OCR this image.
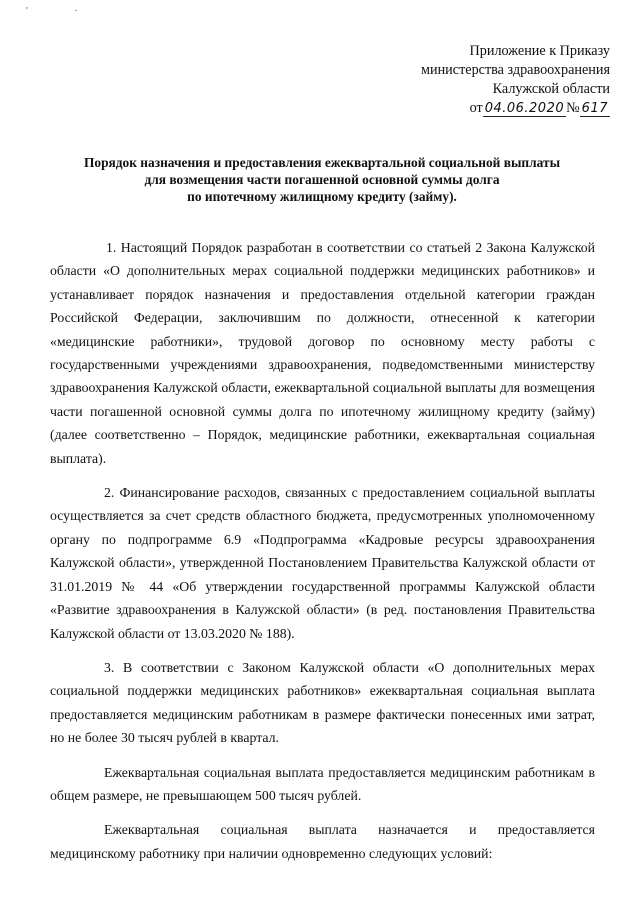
' ·
Приложение к Приказу
министерства здравоохранения
Калужской области
от 04.06.2020 № 617
Порядок назначения и предоставления ежеквартальной социальной выплаты
для возмещения части погашенной основной суммы долга
по ипотечному жилищному кредиту (займу).

1. Настоящий Порядок разработан в соответствии со статьей 2 Закона Калужской области «О дополнительных мерах социальной поддержки медицинских работников» и устанавливает порядок назначения и предоставления отдельной категории граждан Российской Федерации, заключившим по должности, отнесенной к категории «медицинские работники», трудовой договор по основному месту работы с государственными учреждениями здравоохранения, подведомственными министерству здравоохранения Калужской области, ежеквартальной социальной выплаты для возмещения части погашенной основной суммы долга по ипотечному жилищному кредиту (займу) (далее соответственно – Порядок, медицинские работники, ежеквартальная социальная выплата).

2. Финансирование расходов, связанных с предоставлением социальной выплаты осуществляется за счет средств областного бюджета, предусмотренных уполномоченному органу по подпрограмме 6.9 «Подпрограмма «Кадровые ресурсы здравоохранения Калужской области», утвержденной Постановлением Правительства Калужской области от 31.01.2019 № 44 «Об утверждении государственной программы Калужской области «Развитие здравоохранения в Калужской области» (в ред. постановления Правительства Калужской области от 13.03.2020 № 188).

3. В соответствии с Законом Калужской области «О дополнительных мерах социальной поддержки медицинских работников» ежеквартальная социальная выплата предоставляется медицинским работникам в размере фактически понесенных ими затрат, но не более 30 тысяч рублей в квартал.

Ежеквартальная социальная выплата предоставляется медицинским работникам в общем размере, не превышающем 500 тысяч рублей.

Ежеквартальная социальная выплата назначается и предоставляется медицинскому работнику при наличии одновременно следующих условий:
